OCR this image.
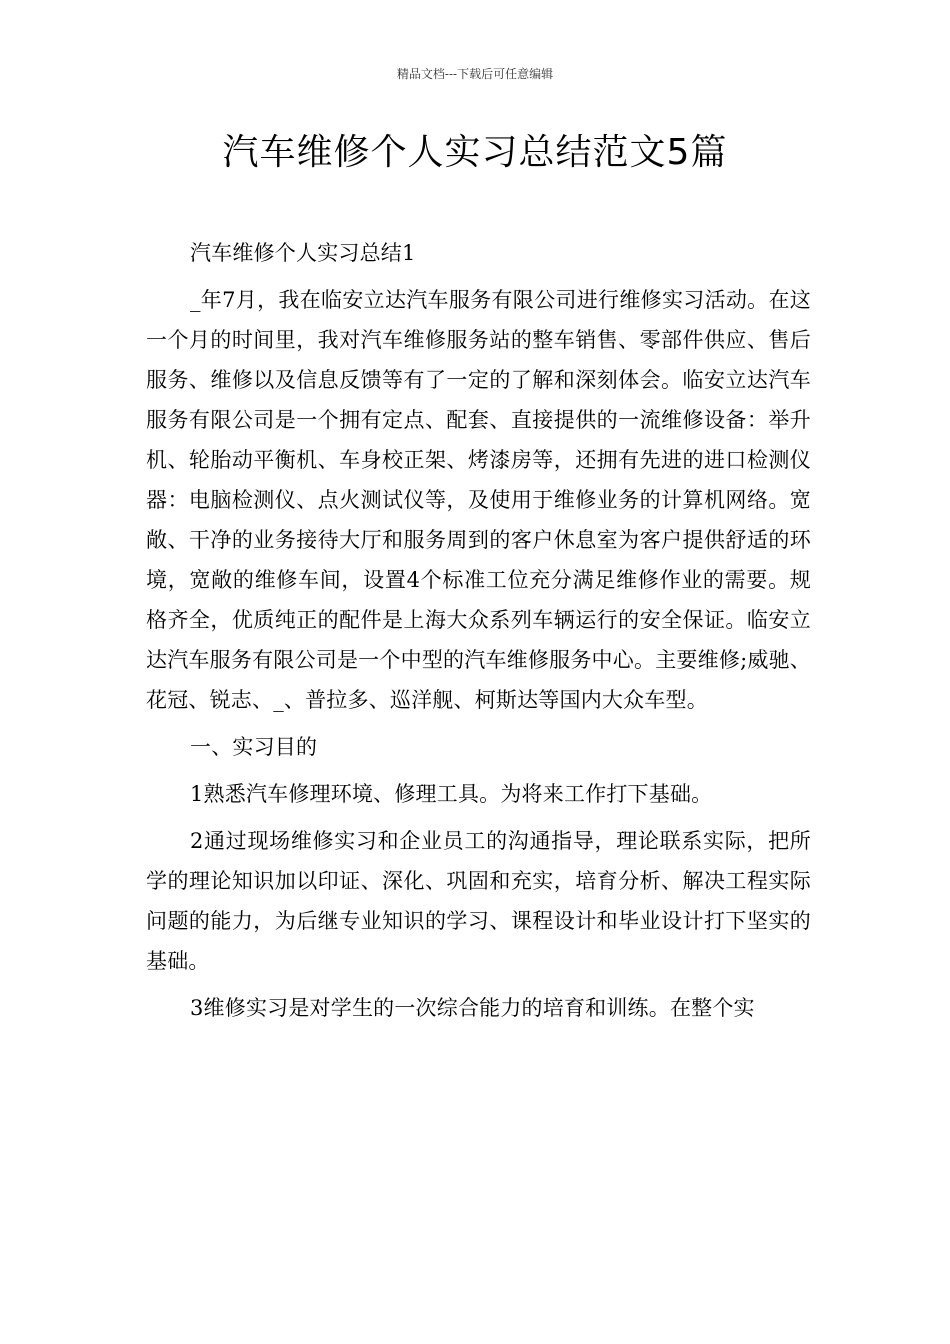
精品文档---下载后可任意编辑
汽车维修个人实习总结范文5篇

汽车维修个人实习总结1

_年7月，我在临安立达汽车服务有限公司进行维修实习活动。在这一个月的时间里，我对汽车维修服务站的整车销售、零部件供应、售后服务、维修以及信息反馈等有了一定的了解和深刻体会。临安立达汽车服务有限公司是一个拥有定点、配套、直接提供的一流维修设备：举升机、轮胎动平衡机、车身校正架、烤漆房等，还拥有先进的进口检测仪器：电脑检测仪、点火测试仪等，及使用于维修业务的计算机网络。宽敞、干净的业务接待大厅和服务周到的客户休息室为客户提供舒适的环境，宽敞的维修车间，设置4个标准工位充分满足维修作业的需要。规格齐全，优质纯正的配件是上海大众系列车辆运行的安全保证。临安立达汽车服务有限公司是一个中型的汽车维修服务中心。主要维修;威驰、花冠、锐志、_、普拉多、巡洋舰、柯斯达等国内大众车型。

一、实习目的

1熟悉汽车修理环境、修理工具。为将来工作打下基础。

2通过现场维修实习和企业员工的沟通指导，理论联系实际，把所学的理论知识加以印证、深化、巩固和充实，培育分析、解决工程实际问题的能力，为后继专业知识的学习、课程设计和毕业设计打下坚实的基础。

3维修实习是对学生的一次综合能力的培育和训练。在整个实
